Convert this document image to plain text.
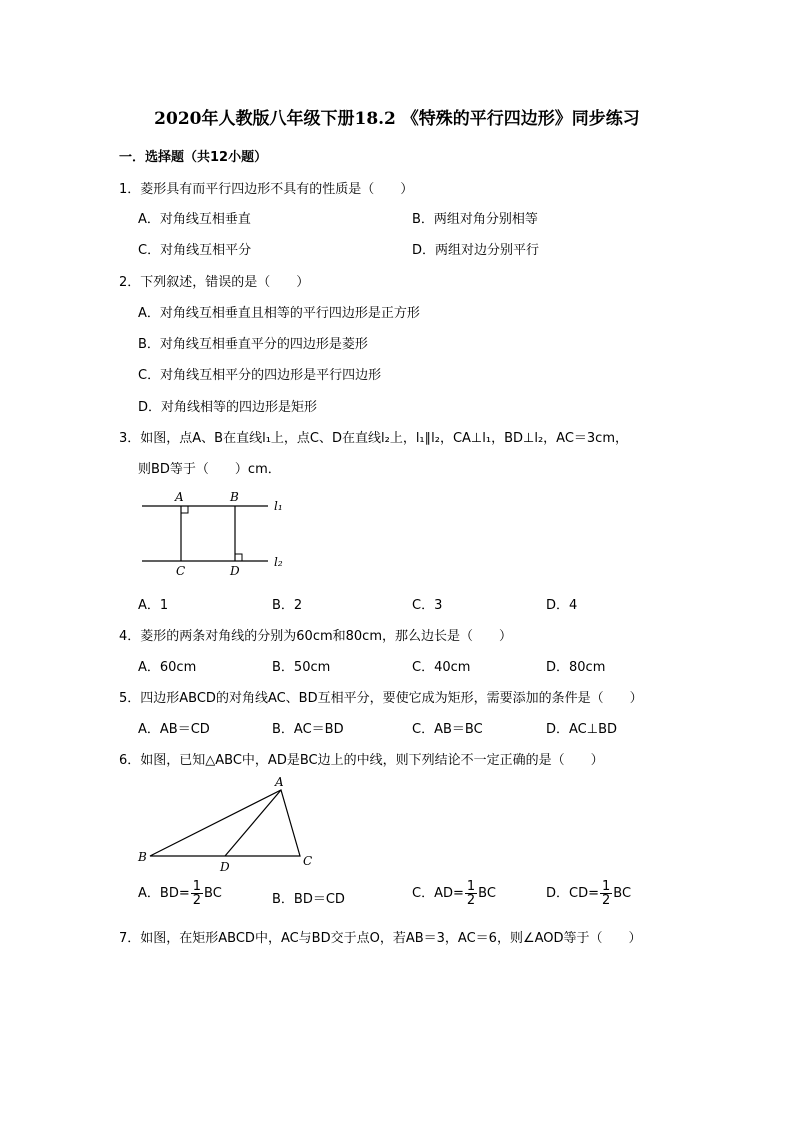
2020年人教版八年级下册18.2 《特殊的平行四边形》同步练习
一．选择题（共12小题）
1．菱形具有而平行四边形不具有的性质是（　　）
A．对角线互相垂直	B．两组对角分别相等
C．对角线互相平分	D．两组对边分别平行
2．下列叙述，错误的是（　　）
A．对角线互相垂直且相等的平行四边形是正方形
B．对角线互相垂直平分的四边形是菱形
C．对角线互相平分的四边形是平行四边形
D．对角线相等的四边形是矩形
3．如图，点A、B在直线l₁上，点C、D在直线l₂上，l₁∥l₂，CA⊥l₁，BD⊥l₂，AC＝3cm，
则BD等于（　　）cm．
A	B
C	D
l₁
l₂
A．1	B．2	C．3	D．4
4．菱形的两条对角线的分别为60cm和80cm，那么边长是（　　）
A．60cm	B．50cm	C．40cm	D．80cm
5．四边形ABCD的对角线AC、BD互相平分，要使它成为矩形，需要添加的条件是（　　）
A．AB＝CD	B．AC＝BD	C．AB＝BC	D．AC⊥BD
6．如图，已知△ABC中，AD是BC边上的中线，则下列结论不一定正确的是（　　）
A
B	C
D
A．$BD= \frac{1}{2}$ BC	B．BD＝CD	C．$AD= \frac{1}{2}$ BC	D．$CD= \frac{1}{2}$ BC
7．如图，在矩形ABCD中，AC与BD交于点O，若AB＝3，AC＝6，则∠AOD等于（　　）
